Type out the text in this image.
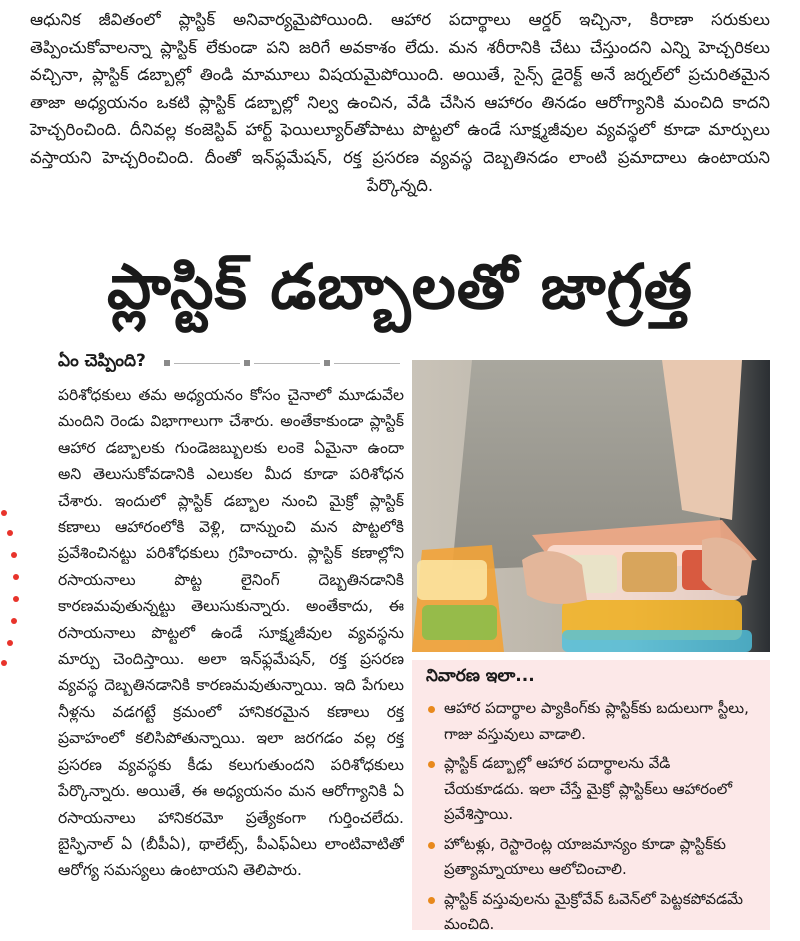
ఆధునిక జీవితంలో ప్లాస్టిక్ అనివార్యమైపోయింది. ఆహార పదార్థాలు ఆర్డర్ ఇచ్చినా, కిరాణా సరుకులు తెప్పించుకోవాలన్నా ప్లాస్టిక్ లేకుండా పని జరిగే అవకాశం లేదు. మన శరీరానికి చేటు చేస్తుందని ఎన్ని హెచ్చరికలు వచ్చినా, ప్లాస్టిక్ డబ్బాల్లో తిండి మామూలు విషయమైపోయింది. అయితే, సైన్స్ డైరెక్ట్ అనే జర్నల్‌లో ప్రచురితమైన తాజా అధ్యయనం ఒకటి ప్లాస్టిక్ డబ్బాల్లో నిల్వ ఉంచిన, వేడి చేసిన ఆహారం తినడం ఆరోగ్యానికి మంచిది కాదని హెచ్చరించింది. దీనివల్ల కంజెస్టివ్ హార్ట్ ఫెయిల్యూర్‌తోపాటు పొట్టలో ఉండే సూక్ష్మజీవుల వ్యవస్థలో కూడా మార్పులు వస్తాయని హెచ్చరించింది. దీంతో ఇన్‌ఫ్లమేషన్, రక్త ప్రసరణ వ్యవస్థ దెబ్బతినడం లాంటి ప్రమాదాలు ఉంటాయని పేర్కొన్నది.
ప్లాస్టిక్ డబ్బాలతో జాగ్రత్త
ఏం చెప్పింది?

పరిశోధకులు తమ అధ్యయనం కోసం చైనాలో మూడువేల మందిని రెండు విభాగాలుగా చేశారు. అంతేకాకుండా ప్లాస్టిక్ ఆహార డబ్బాలకు గుండెజబ్బులకు లంకె ఏమైనా ఉందా అని తెలుసుకోవడానికి ఎలుకల మీద కూడా పరిశోధన చేశారు. ఇందులో ప్లాస్టిక్ డబ్బాల నుంచి మైక్రో ప్లాస్టిక్ కణాలు ఆహారంలోకి వెళ్లి, దాన్నుంచి మన పొట్టలోకి ప్రవేశించినట్టు పరిశోధకులు గ్రహించారు. ప్లాస్టిక్ కణాల్లోని రసాయనాలు పొట్ట లైనింగ్ దెబ్బతినడానికి కారణమవుతున్నట్టు తెలుసుకున్నారు. అంతేకాదు, ఈ రసాయనాలు పొట్టలో ఉండే సూక్ష్మజీవుల వ్యవస్థను మార్పు చెందిస్తాయి. అలా ఇన్‌ఫ్లమేషన్, రక్త ప్రసరణ వ్యవస్థ దెబ్బతినడానికి కారణమవుతున్నాయి. ఇది పేగులు నీళ్లను వడగట్టే క్రమంలో హానికరమైన కణాలు రక్త ప్రవాహంలో కలిసిపోతున్నాయి. ఇలా జరగడం వల్ల రక్త ప్రసరణ వ్యవస్థకు కీడు కలుగుతుందని పరిశోధకులు పేర్కొన్నారు. అయితే, ఈ అధ్యయనం మన ఆరోగ్యానికి ఏ రసాయనాలు హానికరమో ప్రత్యేకంగా గుర్తించలేదు. బైస్ఫినాల్ ఏ (బీపీఏ), థాలేట్స్, పీఎఫ్‌ఏలు లాంటివాటితో ఆరోగ్య సమస్యలు ఉంటాయని తెలిపారు.

నివారణ ఇలా...
ఆహార పదార్థాల ప్యాకింగ్‌కు ప్లాస్టిక్‌కు బదులుగా స్టీలు, గాజు వస్తువులు వాడాలి.
ప్లాస్టిక్ డబ్బాల్లో ఆహార పదార్థాలను వేడి చేయకూడదు. ఇలా చేస్తే మైక్రో ప్లాస్టిక్‌లు ఆహారంలో ప్రవేశిస్తాయి.
హోటళ్లు, రెస్టారెంట్ల యాజమాన్యం కూడా ప్లాస్టిక్‌కు ప్రత్యామ్నాయాలు ఆలోచించాలి.
ప్లాస్టిక్ వస్తువులను మైక్రోవేవ్ ఓవెన్‌లో పెట్టకపోవడమే మంచిది.
